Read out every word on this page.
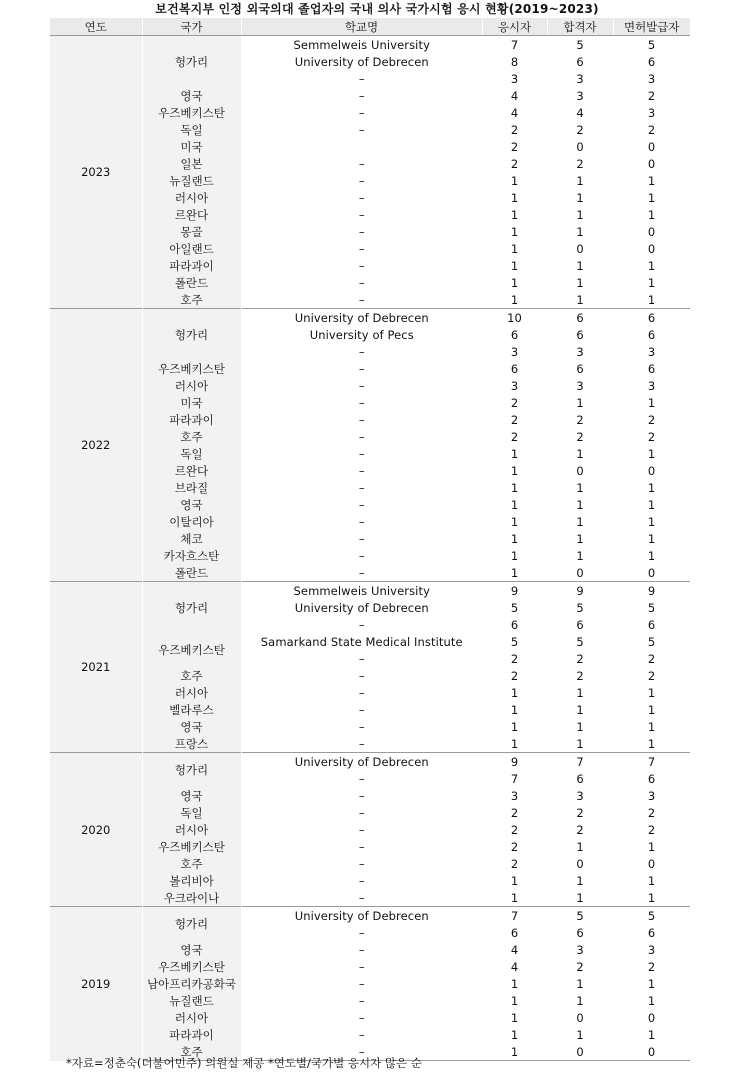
보건복지부 인정 외국의대 졸업자의 국내 의사 국가시험 응시 현황(2019~2023)
연도	국가	학교명	응시자	합격자	면허발급자
2023	헝가리	Semmelweis University	7	5	5
		University of Debrecen	8	6	6
		–	3	3	3
	영국	–	4	3	2
	우즈베키스탄	–	4	4	3
	독일	–	2	2	2
	미국		2	0	0
	일본	–	2	2	0
	뉴질랜드	–	1	1	1
	러시아	–	1	1	1
	르완다	–	1	1	1
	몽골	–	1	1	0
	아일랜드	–	1	0	0
	파라과이	–	1	1	1
	폴란드	–	1	1	1
	호주	–	1	1	1
2022	헝가리	University of Debrecen	10	6	6
		University of Pecs	6	6	6
		–	3	3	3
	우즈베키스탄	–	6	6	6
	러시아	–	3	3	3
	미국	–	2	1	1
	파라과이	–	2	2	2
	호주	–	2	2	2
	독일	–	1	1	1
	르완다	–	1	0	0
	브라질	–	1	1	1
	영국	–	1	1	1
	이탈리아	–	1	1	1
	체코	–	1	1	1
	카자흐스탄	–	1	1	1
	폴란드	–	1	0	0
2021	헝가리	Semmelweis University	9	9	9
		University of Debrecen	5	5	5
		–	6	6	6
	우즈베키스탄	Samarkand State Medical Institute	5	5	5
		–	2	2	2
	호주	–	2	2	2
	러시아	–	1	1	1
	벨라루스	–	1	1	1
	영국	–	1	1	1
	프랑스	–	1	1	1
2020	헝가리	University of Debrecen	9	7	7
		–	7	6	6
	영국	–	3	3	3
	독일	–	2	2	2
	러시아	–	2	2	2
	우즈베키스탄	–	2	1	1
	호주	–	2	0	0
	볼리비아	–	1	1	1
	우크라이나	–	1	1	1
2019	헝가리	University of Debrecen	7	5	5
		–	6	6	6
	영국	–	4	3	3
	우즈베키스탄	–	4	2	2
	남아프리카공화국	–	1	1	1
	뉴질랜드	–	1	1	1
	러시아	–	1	0	0
	파라과이	–	1	1	1
	호주	–	1	0	0
*자료=정춘숙(더불어민주) 의원실 제공 *연도별/국가별 응시자 많은 순
